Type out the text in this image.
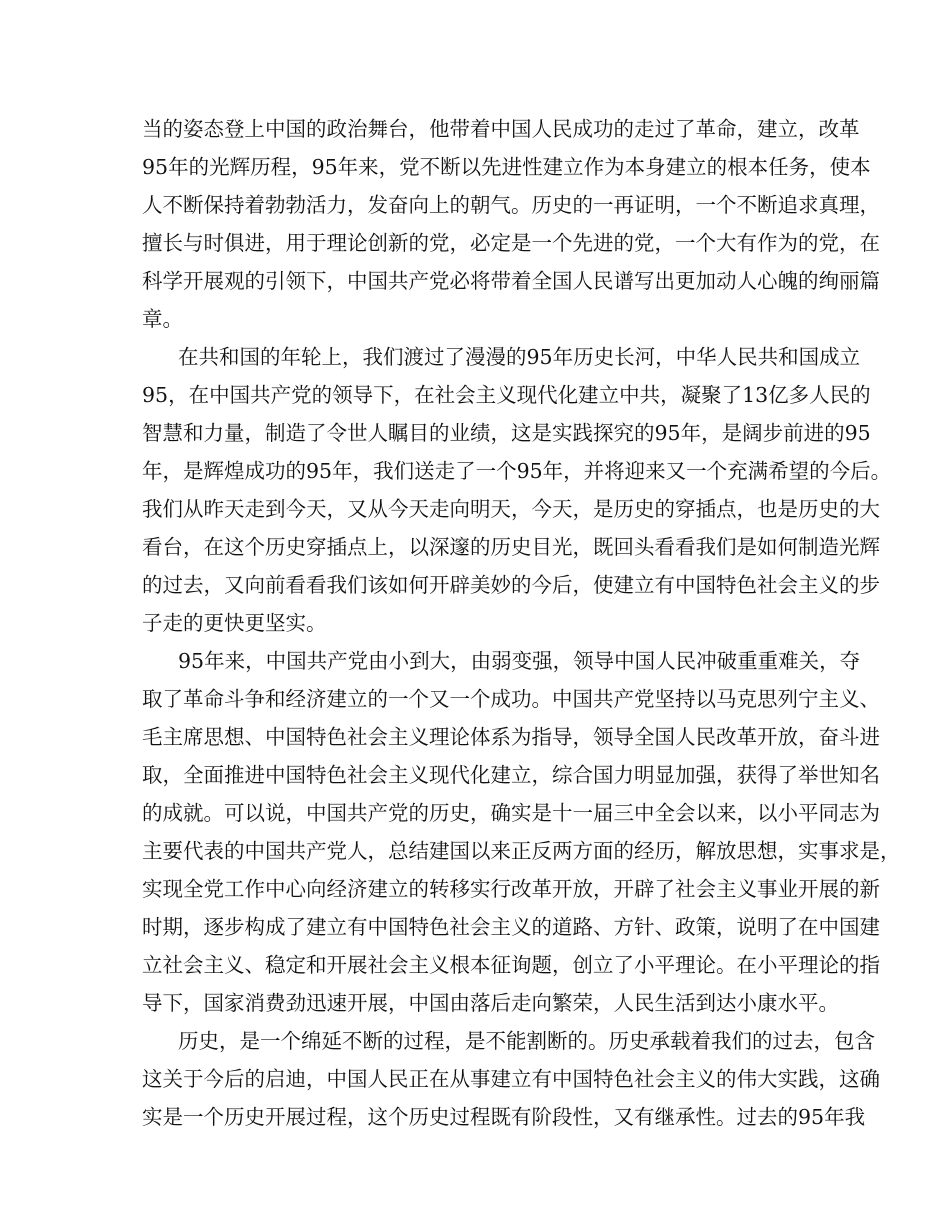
当的姿态登上中国的政治舞台，他带着中国人民成功的走过了革命，建立，改革
95年的光辉历程，95年来，党不断以先进性建立作为本身建立的根本任务，使本
人不断保持着勃勃活力，发奋向上的朝气。历史的一再证明，一个不断追求真理，
擅长与时俱进，用于理论创新的党，必定是一个先进的党，一个大有作为的党，在
科学开展观的引领下，中国共产党必将带着全国人民谱写出更加动人心魄的绚丽篇
章。
在共和国的年轮上，我们渡过了漫漫的95年历史长河，中华人民共和国成立
95，在中国共产党的领导下，在社会主义现代化建立中共，凝聚了13亿多人民的
智慧和力量，制造了令世人瞩目的业绩，这是实践探究的95年，是阔步前进的95
年，是辉煌成功的95年，我们送走了一个95年，并将迎来又一个充满希望的今后。
我们从昨天走到今天，又从今天走向明天，今天，是历史的穿插点，也是历史的大
看台，在这个历史穿插点上，以深邃的历史目光，既回头看看我们是如何制造光辉
的过去，又向前看看我们该如何开辟美妙的今后，使建立有中国特色社会主义的步
子走的更快更坚实。
95年来，中国共产党由小到大，由弱变强，领导中国人民冲破重重难关，夺
取了革命斗争和经济建立的一个又一个成功。中国共产党坚持以马克思列宁主义、
毛主席思想、中国特色社会主义理论体系为指导，领导全国人民改革开放，奋斗进
取，全面推进中国特色社会主义现代化建立，综合国力明显加强，获得了举世知名
的成就。可以说，中国共产党的历史，确实是十一届三中全会以来，以小平同志为
主要代表的中国共产党人，总结建国以来正反两方面的经历，解放思想，实事求是，
实现全党工作中心向经济建立的转移实行改革开放，开辟了社会主义事业开展的新
时期，逐步构成了建立有中国特色社会主义的道路、方针、政策，说明了在中国建
立社会主义、稳定和开展社会主义根本征询题，创立了小平理论。在小平理论的指
导下，国家消费劲迅速开展，中国由落后走向繁荣，人民生活到达小康水平。
历史，是一个绵延不断的过程，是不能割断的。历史承载着我们的过去，包含
这关于今后的启迪，中国人民正在从事建立有中国特色社会主义的伟大实践，这确
实是一个历史开展过程，这个历史过程既有阶段性，又有继承性。过去的95年我
